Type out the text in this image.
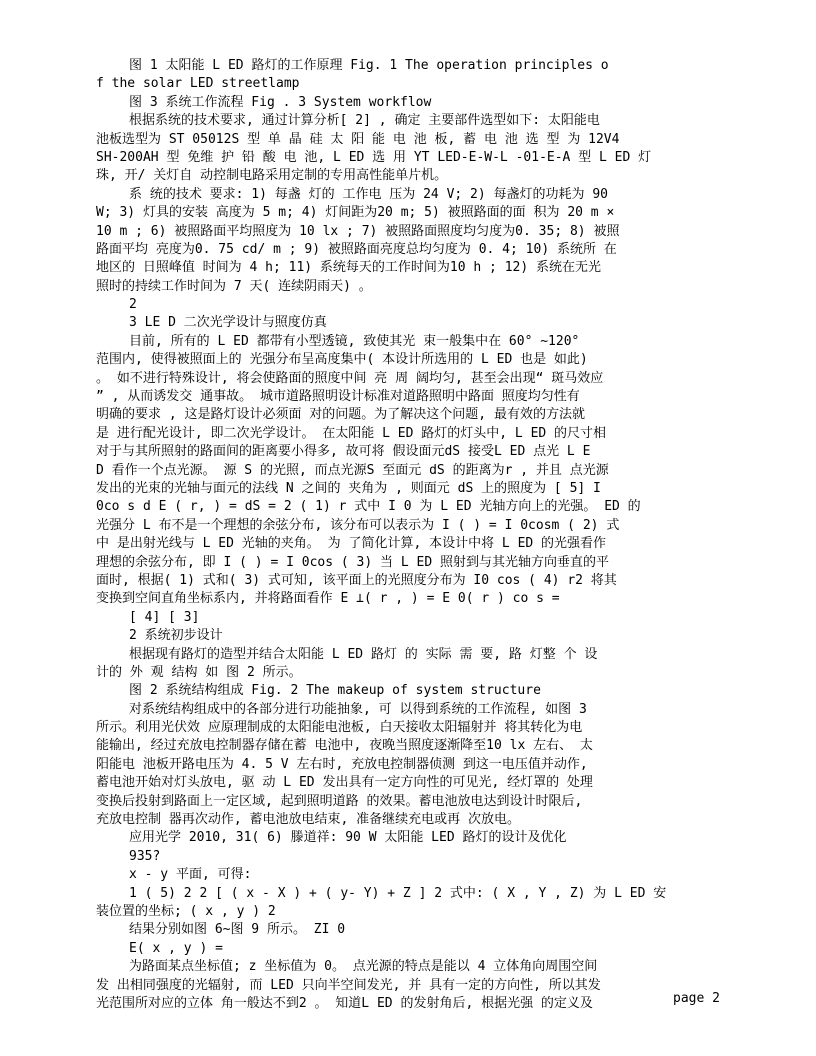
图 1 太阳能 L ED 路灯的工作原理 Fig. 1 The operation principles o
f the solar LED streetlamp
图 3 系统工作流程 Fig . 3 System workflow
根据系统的技术要求, 通过计算分析[ 2] , 确定 主要部件选型如下: 太阳能电
池板选型为 ST 05012S 型 单 晶 硅 太 阳 能 电 池 板, 蓄 电 池 选 型 为 12V4
SH-200AH 型 免维 护 铅 酸 电 池, L ED 选 用 YT LED-E-W-L -01-E-A 型 L ED 灯
珠, 开/ 关灯自 动控制电路采用定制的专用高性能单片机。
系 统的技术 要求: 1) 每盏 灯的 工作电 压为 24 V; 2) 每盏灯的功耗为 90
W; 3) 灯具的安装 高度为 5 m; 4) 灯间距为20 m; 5) 被照路面的面 积为 20 m ×
10 m ; 6) 被照路面平均照度为 10 lx ; 7) 被照路面照度均匀度为0. 35; 8) 被照
路面平均 亮度为0. 75 cd/ m ; 9) 被照路面亮度总均匀度为 0. 4; 10) 系统所 在
地区的 日照峰值 时间为 4 h; 11) 系统每天的工作时间为10 h ; 12) 系统在无光
照时的持续工作时间为 7 天( 连续阴雨天) 。
2
3 LE D 二次光学设计与照度仿真
目前, 所有的 L ED 都带有小型透镜, 致使其光 束一般集中在 60° ~120°
范围内, 使得被照面上的 光强分布呈高度集中( 本设计所选用的 L ED 也是 如此)
。 如不进行特殊设计, 将会使路面的照度中间 亮 周 阔均匀, 甚至会出现“ 斑马效应
” , 从而诱发交 通事故。 城市道路照明设计标准对道路照明中路面 照度均匀性有
明确的要求 , 这是路灯设计必须面 对的问题。为了解决这个问题, 最有效的方法就
是 进行配光设计, 即二次光学设计。 在太阳能 L ED 路灯的灯头中, L ED 的尺寸相
对于与其所照射的路面间的距离要小得多, 故可将 假设面元dS 接受L ED 点光 L E
D 看作一个点光源。 源 S 的光照, 而点光源S 至面元 dS 的距离为r , 并且 点光源
发出的光束的光轴与面元的法线 N 之间的 夹角为 , 则面元 dS 上的照度为 [ 5] I
0co s d E ( r, ) = dS = 2 ( 1) r 式中 I 0 为 L ED 光轴方向上的光强。 ED 的
光强分 L 布不是一个理想的余弦分布, 该分布可以表示为 I ( ) = I 0cosm ( 2) 式
中 是出射光线与 L ED 光轴的夹角。 为 了简化计算, 本设计中将 L ED 的光强看作
理想的余弦分布, 即 I ( ) = I 0cos ( 3) 当 L ED 照射到与其光轴方向垂直的平
面时, 根据( 1) 式和( 3) 式可知, 该平面上的光照度分布为 I0 cos ( 4) r2 将其
变换到空间直角坐标系内, 并将路面看作 E ⊥( r , ) = E 0( r ) co s =
[ 4] [ 3]
2 系统初步设计
根据现有路灯的造型并结合太阳能 L ED 路灯 的 实际 需 要, 路 灯整 个 设
计的 外 观 结构 如 图 2 所示。
图 2 系统结构组成 Fig. 2 The makeup of system structure
对系统结构组成中的各部分进行功能抽象, 可 以得到系统的工作流程, 如图 3
所示。利用光伏效 应原理制成的太阳能电池板, 白天接收太阳辐射并 将其转化为电
能输出, 经过充放电控制器存储在蓄 电池中, 夜晚当照度逐渐降至10 lx 左右、 太
阳能电 池板开路电压为 4. 5 V 左右时, 充放电控制器侦测 到这一电压值并动作,
蓄电池开始对灯头放电, 驱 动 L ED 发出具有一定方向性的可见光, 经灯罩的 处理
变换后投射到路面上一定区域, 起到照明道路 的效果。蓄电池放电达到设计时限后,
充放电控制 器再次动作, 蓄电池放电结束, 准备继续充电或再 次放电。
应用光学 2010, 31( 6) 滕道祥: 90 W 太阳能 LED 路灯的设计及优化
935?
x - y 平面, 可得:
1 ( 5) 2 2 [ ( x - X ) + ( y- Y) + Z ] 2 式中: ( X , Y , Z) 为 L ED 安
装位置的坐标; ( x , y ) 2
结果分别如图 6~图 9 所示。 ZI 0
E( x , y ) =
为路面某点坐标值; z 坐标值为 0。 点光源的特点是能以 4 立体角向周围空间
发 出相同强度的光辐射, 而 LED 只向半空间发光, 并 具有一定的方向性, 所以其发
光范围所对应的立体 角一般达不到2 。 知道L ED 的发射角后, 根据光强 的定义及	page 2
